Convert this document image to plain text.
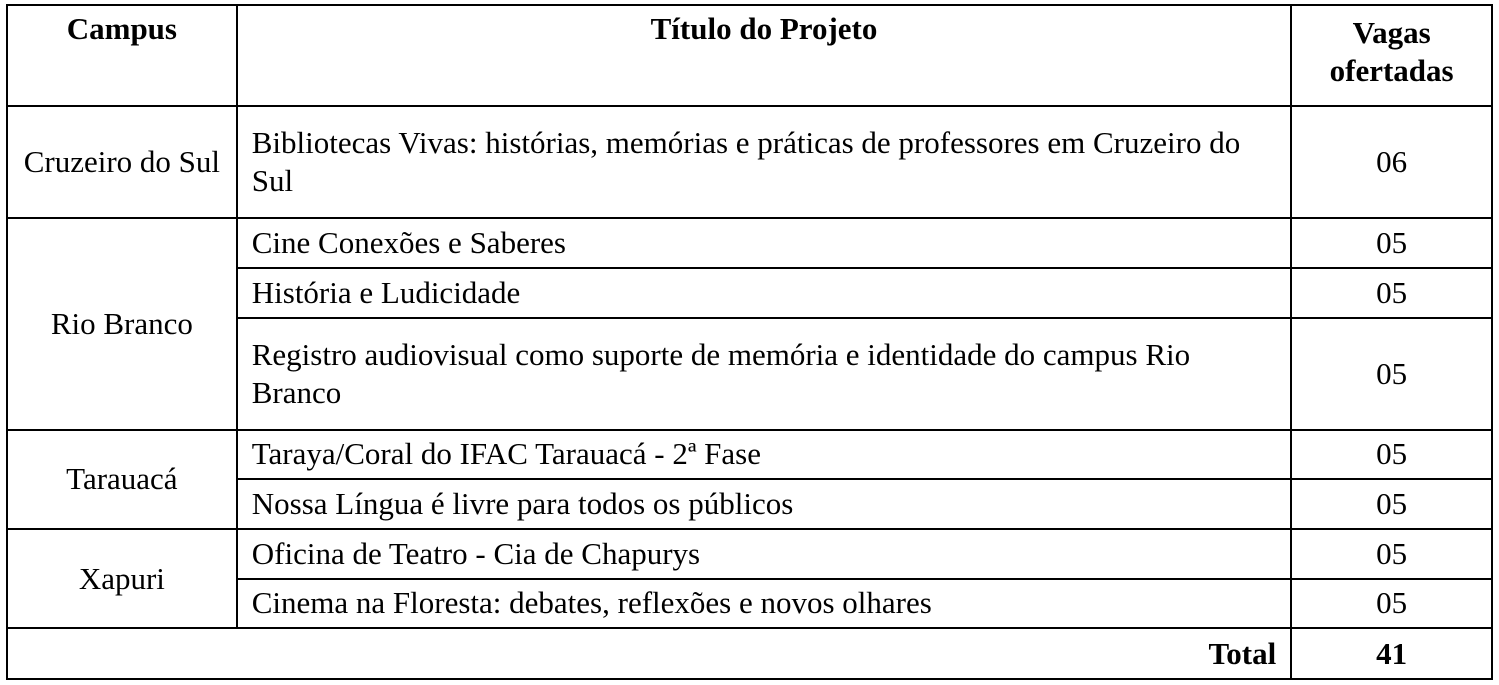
Campus	Título do Projeto	Vagas ofertadas
Cruzeiro do Sul	Bibliotecas Vivas: histórias, memórias e práticas de professores em Cruzeiro do Sul	06
Rio Branco	Cine Conexões e Saberes	05
	História e Ludicidade	05
	Registro audiovisual como suporte de memória e identidade do campus Rio Branco	05
Tarauacá	Taraya/Coral do IFAC Tarauacá - 2ª Fase	05
	Nossa Língua é livre para todos os públicos	05
Xapuri	Oficina de Teatro - Cia de Chapurys	05
	Cinema na Floresta: debates, reflexões e novos olhares	05
Total		41
